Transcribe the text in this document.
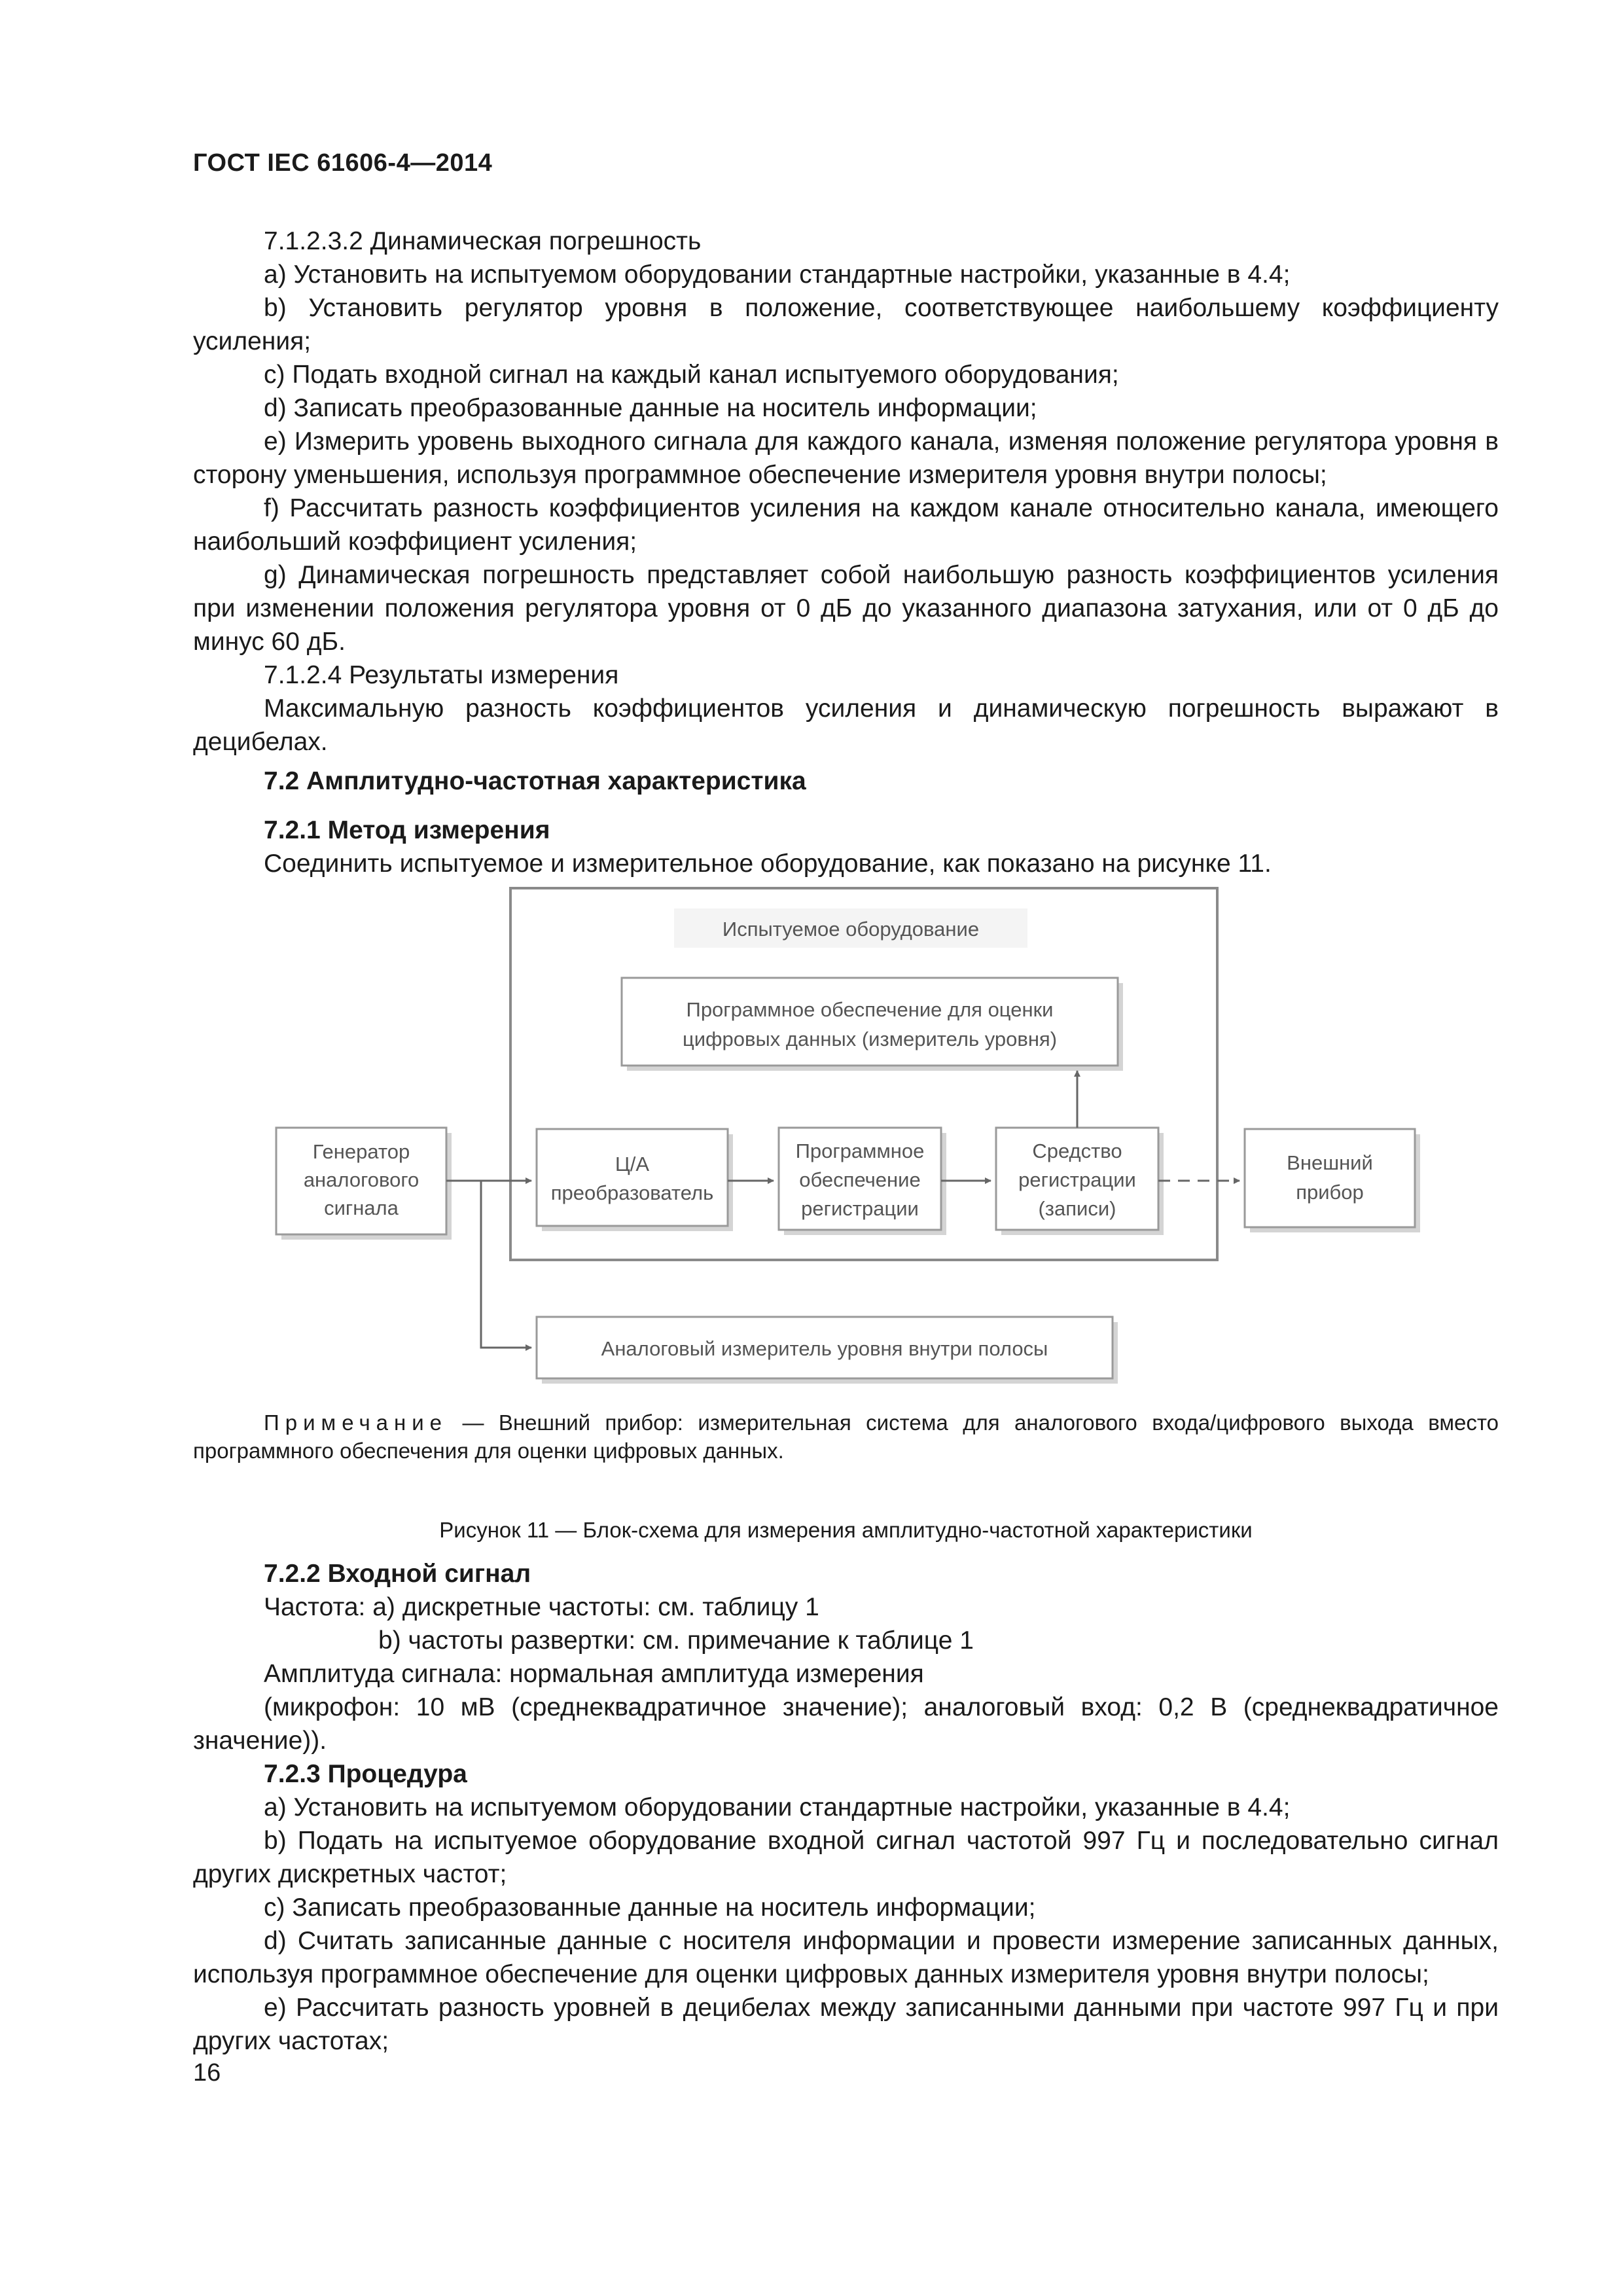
ГОСТ IEC 61606-4—2014

7.1.2.3.2 Динамическая погрешность

а) Установить на испытуемом оборудовании стандартные настройки, указанные в 4.4;

b) Установить регулятор уровня в положение, соответствующее наибольшему коэффициенту усиления;

с) Подать входной сигнал на каждый канал испытуемого оборудования;

d) Записать преобразованные данные на носитель информации;

е) Измерить уровень выходного сигнала для каждого канала, изменяя положение регулятора уровня в сторону уменьшения, используя программное обеспечение измерителя уровня внутри полосы;

f) Рассчитать разность коэффициентов усиления на каждом канале относительно канала, имеющего наибольший коэффициент усиления;

g) Динамическая погрешность представляет собой наибольшую разность коэффициентов усиления при изменении положения регулятора уровня от 0 дБ до указанного диапазона затухания, или от 0 дБ до минус 60 дБ.

7.1.2.4 Результаты измерения

Максимальную разность коэффициентов усиления и динамическую погрешность выражают в децибелах.

7.2 Амплитудно-частотная характеристика
7.2.1 Метод измерения

Соединить испытуемое и измерительное оборудование, как показано на рисунке 11.

Испытуемое оборудование
Программное обеспечение для оценки
цифровых данных (измеритель уровня)
Генератор
аналогового
сигнала
Ц/А
преобразователь
Программное
обеспечение
регистрации
Средство
регистрации
(записи)
Внешний
прибор
Аналоговый измеритель уровня внутри полосы

Примечание — Внешний прибор: измерительная система для аналогового входа/цифрового выхода вместо программного обеспечения для оценки цифровых данных.

Рисунок 11 — Блок-схема для измерения амплитудно-частотной характеристики
7.2.2 Входной сигнал

Частота: а) дискретные частоты: см. таблицу 1

b) частоты развертки: см. примечание к таблице 1

Амплитуда сигнала: нормальная амплитуда измерения

(микрофон: 10 мВ (среднеквадратичное значение); аналоговый вход: 0,2 В (среднеквадратичное значение)).

7.2.3 Процедура

а) Установить на испытуемом оборудовании стандартные настройки, указанные в 4.4;

b) Подать на испытуемое оборудование входной сигнал частотой 997 Гц и последовательно сигнал других дискретных частот;

с) Записать преобразованные данные на носитель информации;

d) Считать записанные данные с носителя информации и провести измерение записанных данных, используя программное обеспечение для оценки цифровых данных измерителя уровня внутри полосы;

е) Рассчитать разность уровней в децибелах между записанными данными при частоте 997 Гц и при других частотах;

16
